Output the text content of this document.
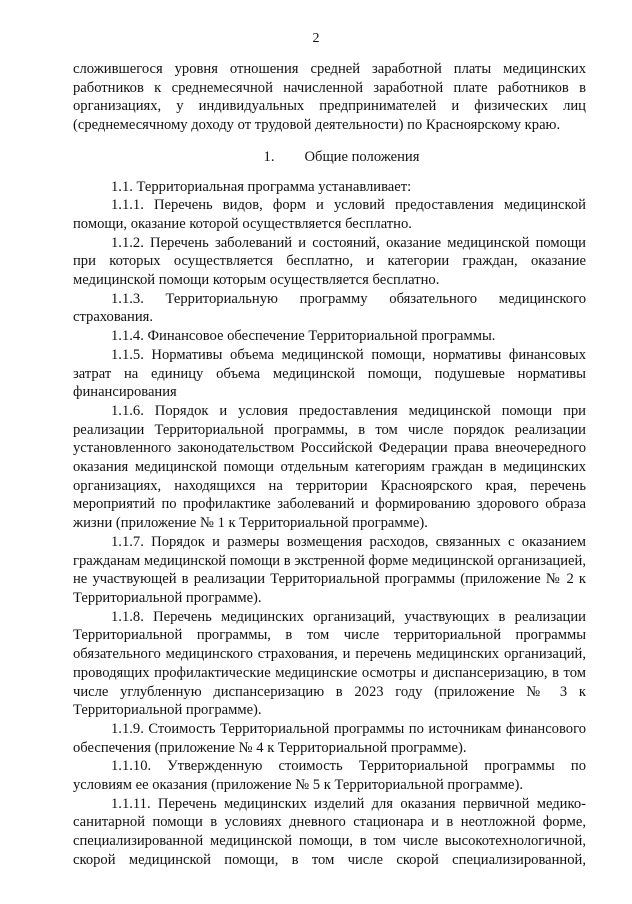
2

сложившегося уровня отношения средней заработной платы медицинских работников к среднемесячной начисленной заработной плате работников в организациях, у индивидуальных предпринимателей и физических лиц (среднемесячному доходу от трудовой деятельности) по Красноярскому краю.

1. Общие положения

1.1. Территориальная программа устанавливает:

1.1.1. Перечень видов, форм и условий предоставления медицинской помощи, оказание которой осуществляется бесплатно.

1.1.2. Перечень заболеваний и состояний, оказание медицинской помощи при которых осуществляется бесплатно, и категории граждан, оказание медицинской помощи которым осуществляется бесплатно.

1.1.3. Территориальную программу обязательного медицинского страхования.

1.1.4. Финансовое обеспечение Территориальной программы.

1.1.5. Нормативы объема медицинской помощи, нормативы финансовых затрат на единицу объема медицинской помощи, подушевые нормативы финансирования

1.1.6. Порядок и условия предоставления медицинской помощи при реализации Территориальной программы, в том числе порядок реализации установленного законодательством Российской Федерации права внеочередного оказания медицинской помощи отдельным категориям граждан в медицинских организациях, находящихся на территории Красноярского края, перечень мероприятий по профилактике заболеваний и формированию здорового образа жизни (приложение № 1 к Территориальной программе).

1.1.7. Порядок и размеры возмещения расходов, связанных с оказанием гражданам медицинской помощи в экстренной форме медицинской организацией, не участвующей в реализации Территориальной программы (приложение № 2 к Территориальной программе).

1.1.8. Перечень медицинских организаций, участвующих в реализации Территориальной программы, в том числе территориальной программы обязательного медицинского страхования, и перечень медицинских организаций, проводящих профилактические медицинские осмотры и диспансеризацию, в том числе углубленную диспансеризацию в 2023 году (приложение № 3 к Территориальной программе).

1.1.9. Стоимость Территориальной программы по источникам финансового обеспечения (приложение № 4 к Территориальной программе).

1.1.10. Утвержденную стоимость Территориальной программы по условиям ее оказания (приложение № 5 к Территориальной программе).

1.1.11. Перечень медицинских изделий для оказания первичной медико-санитарной помощи в условиях дневного стационара и в неотложной форме, специализированной медицинской помощи, в том числе высокотехнологичной, скорой медицинской помощи, в том числе скорой специализированной,
